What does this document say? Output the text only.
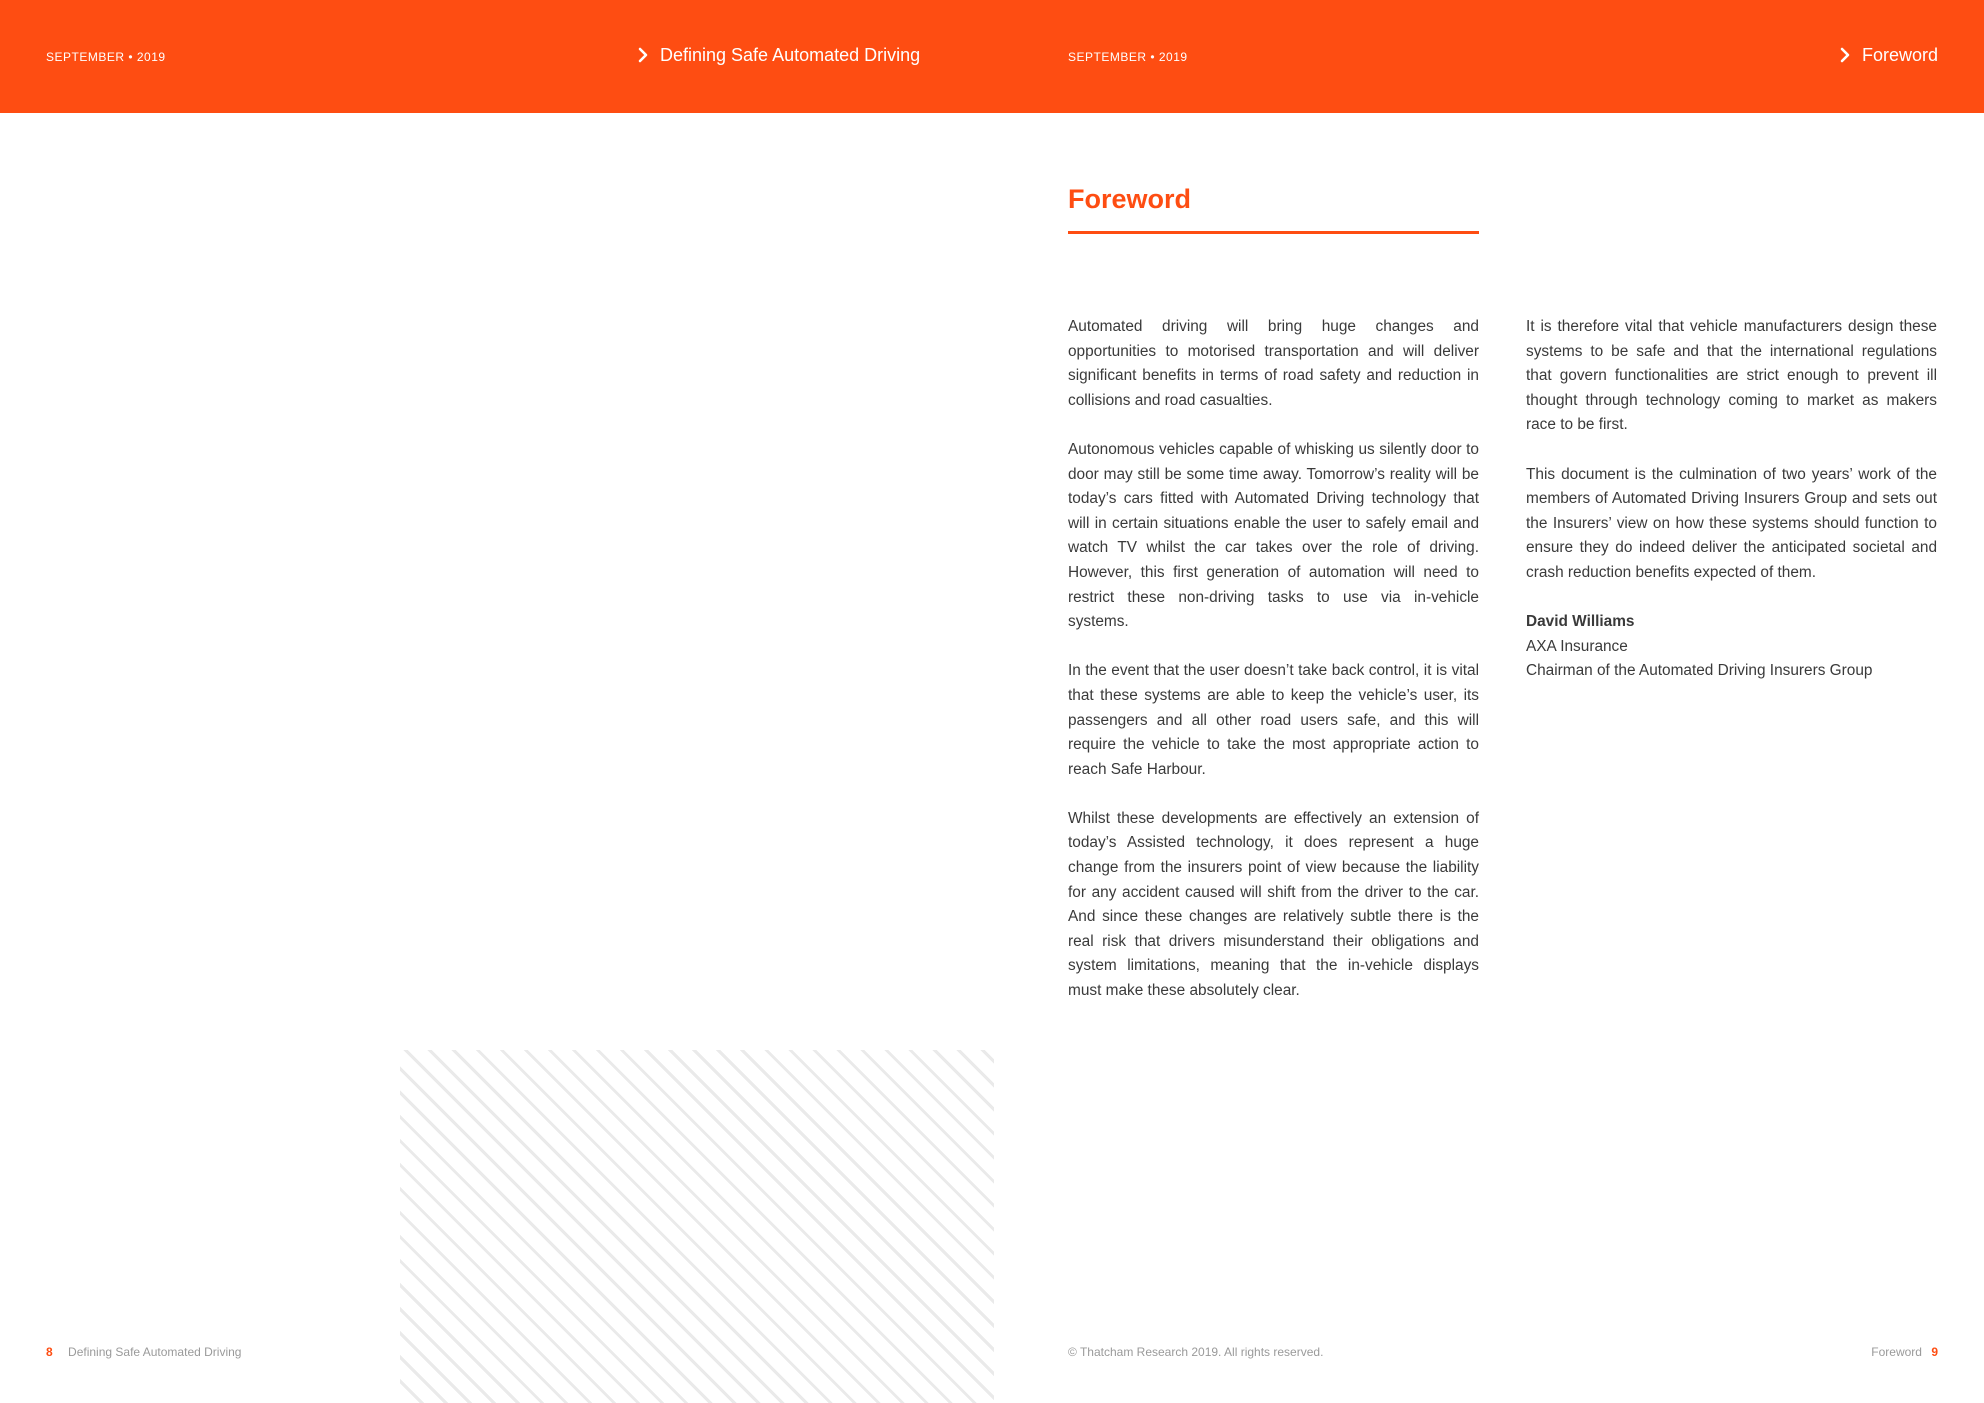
SEPTEMBER • 2019	Defining Safe Automated Driving	SEPTEMBER • 2019	Foreword
Foreword

Automated driving will bring huge changes and opportunities to motorised transportation and will deliver significant benefits in terms of road safety and reduction in collisions and road casualties.

Autonomous vehicles capable of whisking us silently door to door may still be some time away. Tomorrow’s reality will be today’s cars fitted with Automated Driving technology that will in certain situations enable the user to safely email and watch TV whilst the car takes over the role of driving. However, this first generation of automation will need to restrict these non-driving tasks to use via in-vehicle systems.

In the event that the user doesn’t take back control, it is vital that these systems are able to keep the vehicle’s user, its passengers and all other road users safe, and this will require the vehicle to take the most appropriate action to reach Safe Harbour.

Whilst these developments are effectively an extension of today’s Assisted technology, it does represent a huge change from the insurers point of view because the liability for any accident caused will shift from the driver to the car. And since these changes are relatively subtle there is the real risk that drivers misunderstand their obligations and system limitations, meaning that the in-vehicle displays must make these absolutely clear.

It is therefore vital that vehicle manufacturers design these systems to be safe and that the international regulations that govern functionalities are strict enough to prevent ill thought through technology coming to market as makers race to be first.

This document is the culmination of two years’ work of the members of Automated Driving Insurers Group and sets out the Insurers’ view on how these systems should function to ensure they do indeed deliver the anticipated societal and crash reduction benefits expected of them.

David Williams
AXA Insurance
Chairman of the Automated Driving Insurers Group
8 Defining Safe Automated Driving	© Thatcham Research 2019. All rights reserved.	Foreword 9
